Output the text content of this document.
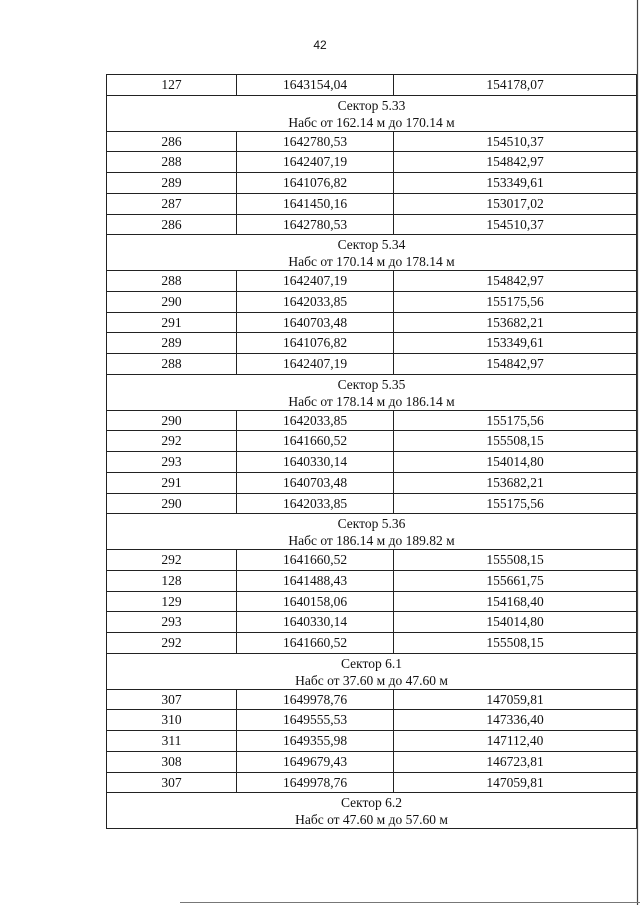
42
127	1643154,04	154178,07

Сектор 5.33
Набс от 162.14 м до 170.14 м		

286	1642780,53	154510,37
288	1642407,19	154842,97
289	1641076,82	153349,61
287	1641450,16	153017,02
286	1642780,53	154510,37

Сектор 5.34
Набс от 170.14 м до 178.14 м		

288	1642407,19	154842,97
290	1642033,85	155175,56
291	1640703,48	153682,21
289	1641076,82	153349,61
288	1642407,19	154842,97

Сектор 5.35
Набс от 178.14 м до 186.14 м		

290	1642033,85	155175,56
292	1641660,52	155508,15
293	1640330,14	154014,80
291	1640703,48	153682,21
290	1642033,85	155175,56

Сектор 5.36
Набс от 186.14 м до 189.82 м		

292	1641660,52	155508,15
128	1641488,43	155661,75
129	1640158,06	154168,40
293	1640330,14	154014,80
292	1641660,52	155508,15

Сектор 6.1
Набс от 37.60 м до 47.60 м		

307	1649978,76	147059,81
310	1649555,53	147336,40
311	1649355,98	147112,40
308	1649679,43	146723,81
307	1649978,76	147059,81

Сектор 6.2
Набс от 47.60 м до 57.60 м		
